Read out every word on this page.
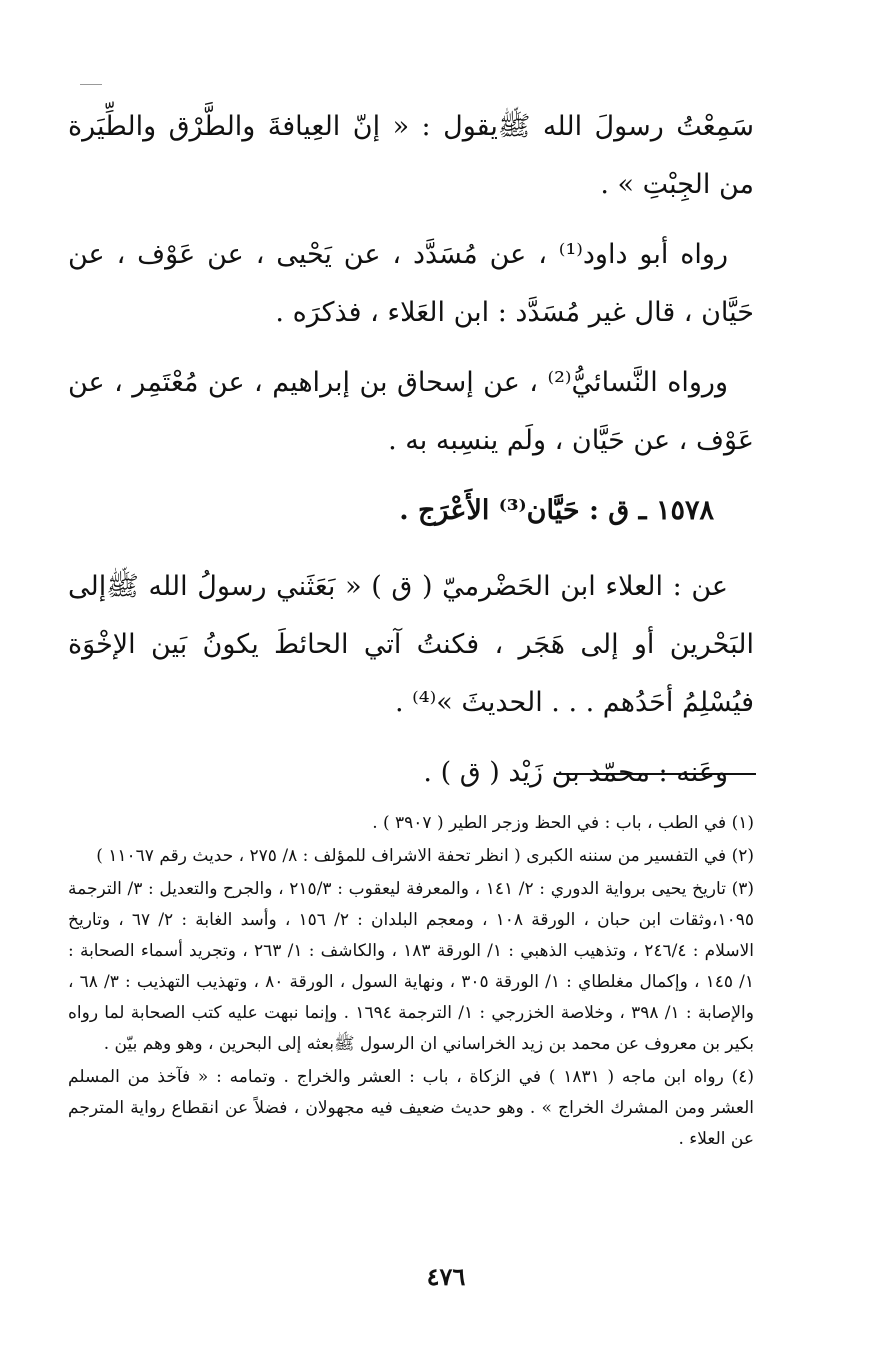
سَمِعْتُ رسولَ الله ﷺيقول : « إنّ العِيافةَ والطَّرْق والطِّيَرة من الجِبْتِ » .

رواه أبو داود⁽¹⁾ ، عن مُسَدَّد ، عن يَحْيى ، عن عَوْف ، عن حَيَّان ، قال غير مُسَدَّد : ابن العَلاء ، فذكرَه .

ورواه النَّسائيُّ⁽²⁾ ، عن إسحاق بن إبراهيم ، عن مُعْتَمِر ، عن عَوْف ، عن حَيَّان ، ولَم ينسِبه به .

١٥٧٨ ـ ق : حَيَّان⁽³⁾ الأَعْرَج .

عن : العلاء ابن الحَضْرميّ ( ق ) « بَعَثَني رسولُ الله ﷺإلى البَحْرين أو إلى هَجَر ، فكنتُ آتي الحائطَ يكونُ بَين الإخْوَة فيُسْلِمُ أحَدُهم . . . الحديثَ »⁽⁴⁾ .

وعَنه : محمّد بن زَيْد ( ق ) .

(١) في الطب ، باب : في الحظ وزجر الطير ( ٣٩٠٧ ) .

(٢) في التفسير من سننه الكبرى ( انظر تحفة الاشراف للمؤلف : ٨/ ٢٧٥ ، حديث رقم ١١٠٦٧ )

(٣) تاريخ يحيى برواية الدوري : ٢/ ١٤١ ، والمعرفة ليعقوب : ٢١٥/٣ ، والجرح والتعديل : ٣/ الترجمة ١٠٩٥،وثقات ابن حبان ، الورقة ١٠٨ ، ومعجم البلدان : ٢/ ١٥٦ ، وأسد الغابة : ٢/ ٦٧ ، وتاريخ الاسلام : ٢٤٦/٤ ، وتذهيب الذهبي : ١/ الورقة ١٨٣ ، والكاشف : ١/ ٢٦٣ ، وتجريد أسماء الصحابة : ١/ ١٤٥ ، وإكمال مغلطاي : ١/ الورقة ٣٠٥ ، ونهاية السول ، الورقة ٨٠ ، وتهذيب التهذيب : ٣/ ٦٨ ، والإصابة : ١/ ٣٩٨ ، وخلاصة الخزرجي : ١/ الترجمة ١٦٩٤ . وإنما نبهت عليه كتب الصحابة لما رواه بكير بن معروف عن محمد بن زيد الخراساني ان الرسول ﷺبعثه إلى البحرين ، وهو وهم بيّن .

(٤) رواه ابن ماجه ( ١٨٣١ ) في الزكاة ، باب : العشر والخراج . وتمامه : « فآخذ من المسلم العشر ومن المشرك الخراج » . وهو حديث ضعيف فيه مجهولان ، فضلاً عن انقطاع رواية المترجم عن العلاء .

٤٧٦
